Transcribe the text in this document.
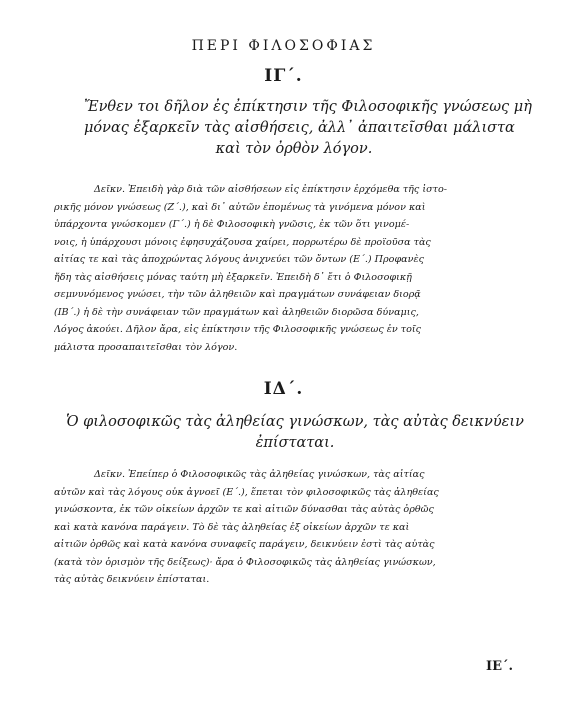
ΠΕΡΙ ΦΙΛΟΣΟΦΙΑΣ
ΙΓ΄.
Ἔνθεν τοι δῆλον ἐς ἐπίκτησιν τῆς Φιλοσοφικῆς γνώσεως μὴ
μόνας ἐξαρκεῖν τὰς αἰσθήσεις, ἀλλ᾽ ἀπαιτεῖσθαι μάλιστα
καὶ τὸν ὀρθὸν λόγον.
Δεῖκν. Ἐπειδὴ γὰρ διὰ τῶν αἰσθήσεων εἰς ἐπίκτησιν ἐρχόμεθα τῆς ἱστο-
ρικῆς μόνον γνώσεως (Ζ΄.), καὶ δι᾽ αὐτῶν ἐπομένως τὰ γινόμενα μόνον καὶ
ὑπάρχοντα γνώσκομεν (Γ΄.) ἡ δὲ Φιλοσοφικὴ γνῶσις, ἐκ τῶν ὅτι γινομέ-
νοις, ἡ ὑπάρχουσι μόνοις ἐφησυχάζουσα χαίρει, πορρωτέρω δὲ προϊοῦσα τὰς
αἰτίας τε καὶ τὰς ἀποχρώντας λόγους ἀνιχνεύει τῶν ὄντων (Ε΄.) Προφανὲς
ἤδη τὰς αἰσθήσεις μόνας ταύτη μὴ ἐξαρκεῖν. Ἐπειδὴ δ᾽ ἔτι ὁ Φιλοσοφικῇ
σεμνυνόμενος γνώσει, τὴν τῶν ἀληθειῶν καὶ πραγμάτων συνάφειαν διορᾷ
(ΙΒ΄.) ἡ δὲ τὴν συνάφειαν τῶν πραγμάτων καὶ ἀληθειῶν διορῶσα δύναμις,
Λόγος ἀκούει. Δῆλον ἄρα, εἰς ἐπίκτησιν τῆς Φιλοσοφικῆς γνώσεως ἐν τοῖς
μάλιστα προσαπαιτεῖσθαι τὸν λόγον.
ΙΔ΄.
Ὁ φιλοσοφικῶς τὰς ἀληθείας γινώσκων, τὰς αὐτὰς δεικνύειν
ἐπίσταται.
Δεῖκν. Ἐπείπερ ὁ Φιλοσοφικῶς τὰς ἀληθείας γινώσκων, τὰς αἰτίας
αὐτῶν καὶ τὰς λόγους οὐκ ἀγνοεῖ (Ε΄.), ἕπεται τὸν φιλοσοφικῶς τὰς ἀληθείας
γινώσκοντα, ἐκ τῶν οἰκείων ἀρχῶν τε καὶ αἰτιῶν δύνασθαι τὰς αὐτὰς ὀρθῶς
καὶ κατὰ κανόνα παράγειν. Τὸ δὲ τὰς ἀληθείας ἐξ οἰκείων ἀρχῶν τε καὶ
αἰτιῶν ὀρθῶς καὶ κατὰ κανόνα συναφεῖς παράγειν, δεικνύειν ἐστὶ τὰς αὐτὰς
(κατὰ τὸν ὁρισμὸν τῆς δείξεως)· ἄρα ὁ Φιλοσοφικῶς τὰς ἀληθείας γινώσκων,
τὰς αὐτὰς δεικνύειν ἐπίσταται.
ΙΕ΄.
